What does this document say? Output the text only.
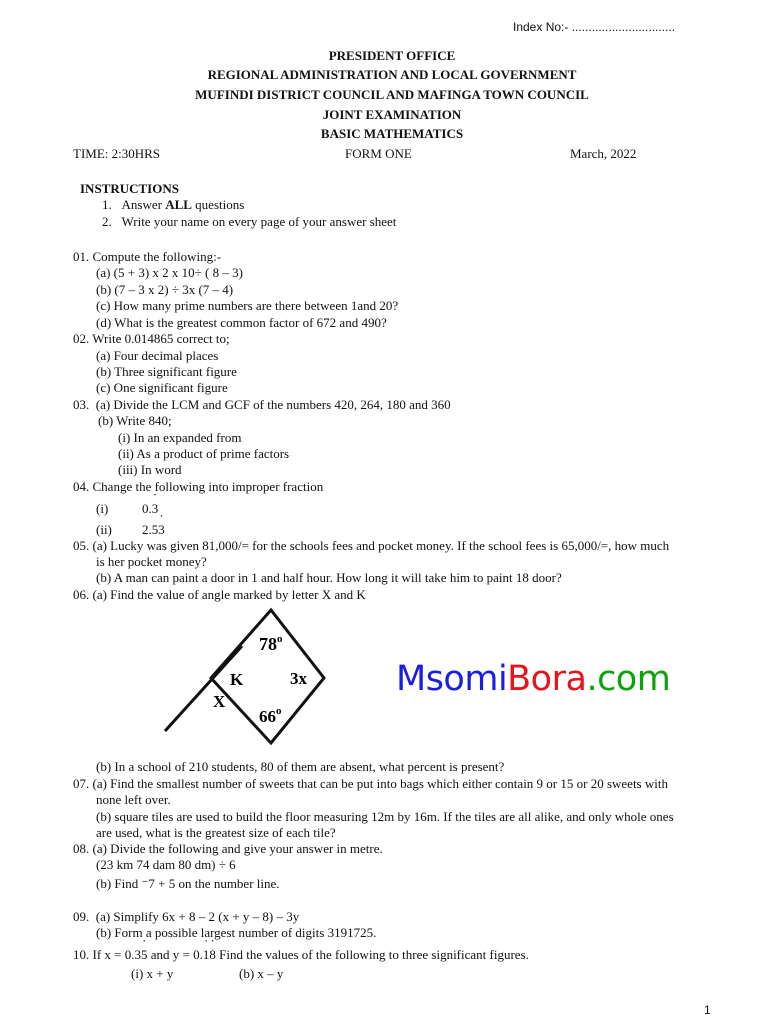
Index No:- ...............................
PRESIDENT OFFICE
REGIONAL ADMINISTRATION AND LOCAL GOVERNMENT
MUFINDI DISTRICT COUNCIL AND MAFINGA TOWN COUNCIL
JOINT EXAMINATION
BASIC MATHEMATICS
TIME: 2:30HRS	FORM ONE	March, 2022
INSTRUCTIONS
1. Answer ALL questions
2. Write your name on every page of your answer sheet
01. Compute the following:-
(a) (5 + 3) x 2 x 10÷ ( 8 – 3)
(b) (7 – 3 x 2) ÷ 3x (7 – 4)
(c) How many prime numbers are there between 1and 20?
(d) What is the greatest common factor of 672 and 490?
02. Write 0.014865 correct to;
(a) Four decimal places
(b) Three significant figure
(c) One significant figure
03. (a) Divide the LCM and GCF of the numbers 420, 264, 180 and 360
(b) Write 840;
(i) In an expanded from
(ii) As a product of prime factors
(iii) In word
04. Change the following into improper fraction
(i)	0.˙ 3
(ii) 2.5˙ 3
05. (a) Lucky was given 81,000/= for the schools fees and pocket money. If the school fees is 65,000/=, how much
is her pocket money?
(b) A man can paint a door in 1 and half hour. How long it will take him to paint 18 door?
06. (a) Find the value of angle marked by letter X and K
78$^o$
3x
66$^o$
K
X
MsomiBora.com
(b) In a school of 210 students, 80 of them are absent, what percent is present?
07. (a) Find the smallest number of sweets that can be put into bags which either contain 9 or 15 or 20 sweets with
none left over.
(b) square tiles are used to build the floor measuring 12m by 16m. If the tiles are all alike, and only whole ones
are used, what is the greatest size of each tile?
08. (a) Divide the following and give your answer in metre.
(23 km 74 dam 80 dm) ÷ 6
(b) Find ⁻7 + 5 on the number line.
09. (a) Simplify 6x + 8 – 2 (x + y – 8) – 3y
(b) Form a possible largest number of digits 3191725.
10. If x = 0.3˙ 5 and y = 0.˙ 1˙ 8 Find the values of the following to three significant figures.
(i) x + y	(b) x – y
1
